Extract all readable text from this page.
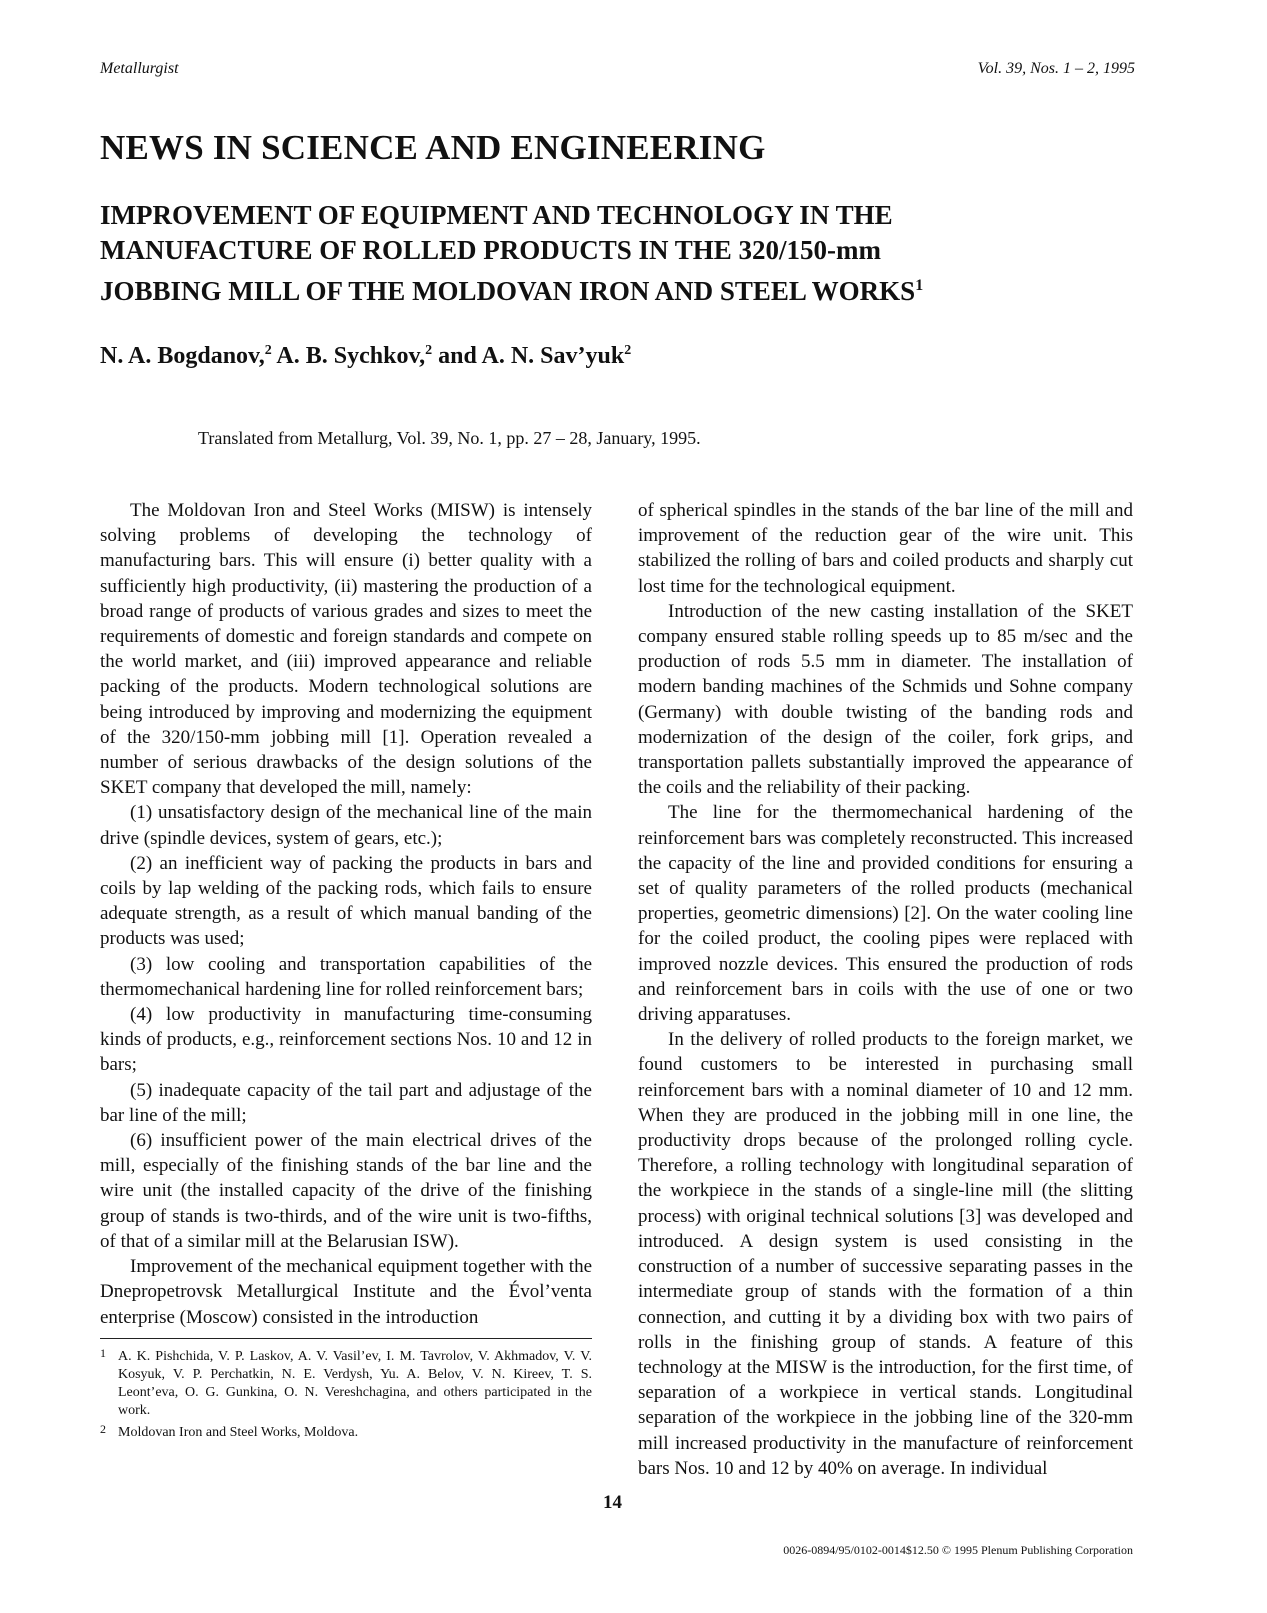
Metallurgist	Vol. 39, Nos. 1 – 2, 1995
NEWS IN SCIENCE AND ENGINEERING
IMPROVEMENT OF EQUIPMENT AND TECHNOLOGY IN THE
MANUFACTURE OF ROLLED PRODUCTS IN THE 320/150-mm
JOBBING MILL OF THE MOLDOVAN IRON AND STEEL WORKS$^1$
N. A. Bogdanov,$^2$ A. B. Sychkov,$^2$ and A. N. Sav’yuk$^2$
Translated from Metallurg, Vol. 39, No. 1, pp. 27 – 28, January, 1995.

The Moldovan Iron and Steel Works (MISW) is intensely solving problems of developing the technology of manufacturing bars. This will ensure (i) better quality with a sufficiently high productivity, (ii) mastering the production of a broad range of products of various grades and sizes to meet the requirements of domestic and foreign standards and compete on the world market, and (iii) improved appearance and reliable packing of the products. Modern technological solutions are being introduced by improving and modernizing the equipment of the 320/150-mm jobbing mill [1]. Operation revealed a number of serious drawbacks of the design solutions of the SKET company that developed the mill, namely:

(1) unsatisfactory design of the mechanical line of the main drive (spindle devices, system of gears, etc.);

(2) an inefficient way of packing the products in bars and coils by lap welding of the packing rods, which fails to ensure adequate strength, as a result of which manual banding of the products was used;

(3) low cooling and transportation capabilities of the thermomechanical hardening line for rolled reinforcement bars;

(4) low productivity in manufacturing time-consuming kinds of products, e.g., reinforcement sections Nos. 10 and 12 in bars;

(5) inadequate capacity of the tail part and adjustage of the bar line of the mill;

(6) insufficient power of the main electrical drives of the mill, especially of the finishing stands of the bar line and the wire unit (the installed capacity of the drive of the finishing group of stands is two-thirds, and of the wire unit is two-fifths, of that of a similar mill at the Belarusian ISW).

Improvement of the mechanical equipment together with the Dnepropetrovsk Metallurgical Institute and the Évol’venta enterprise (Moscow) consisted in the introduction

1 A. K. Pishchida, V. P. Laskov, A. V. Vasil’ev, I. M. Tavrolov, V. Akhmadov, V. V. Kosyuk, V. P. Perchatkin, N. E. Verdysh, Yu. A. Belov, V. N. Kireev, T. S. Leont’eva, O. G. Gunkina, O. N. Vereshchagina, and others participated in the work.
2 Moldovan Iron and Steel Works, Moldova.

of spherical spindles in the stands of the bar line of the mill and improvement of the reduction gear of the wire unit. This stabilized the rolling of bars and coiled products and sharply cut lost time for the technological equipment.

Introduction of the new casting installation of the SKET company ensured stable rolling speeds up to 85 m/sec and the production of rods 5.5 mm in diameter. The installation of modern banding machines of the Schmids und Sohne company (Germany) with double twisting of the banding rods and modernization of the design of the coiler, fork grips, and transportation pallets substantially improved the appearance of the coils and the reliability of their packing.

The line for the thermomechanical hardening of the reinforcement bars was completely reconstructed. This increased the capacity of the line and provided conditions for ensuring a set of quality parameters of the rolled products (mechanical properties, geometric dimensions) [2]. On the water cooling line for the coiled product, the cooling pipes were replaced with improved nozzle devices. This ensured the production of rods and reinforcement bars in coils with the use of one or two driving apparatuses.

In the delivery of rolled products to the foreign market, we found customers to be interested in purchasing small reinforcement bars with a nominal diameter of 10 and 12 mm. When they are produced in the jobbing mill in one line, the productivity drops because of the prolonged rolling cycle. Therefore, a rolling technology with longitudinal separation of the workpiece in the stands of a single-line mill (the slitting process) with original technical solutions [3] was developed and introduced. A design system is used consisting in the construction of a number of successive separating passes in the intermediate group of stands with the formation of a thin connection, and cutting it by a dividing box with two pairs of rolls in the finishing group of stands. A feature of this technology at the MISW is the introduction, for the first time, of separation of a workpiece in vertical stands. Longitudinal separation of the workpiece in the jobbing line of the 320-mm mill increased productivity in the manufacture of reinforcement bars Nos. 10 and 12 by 40% on average. In individual

14
0026-0894/95/0102-0014$12.50 © 1995 Plenum Publishing Corporation
